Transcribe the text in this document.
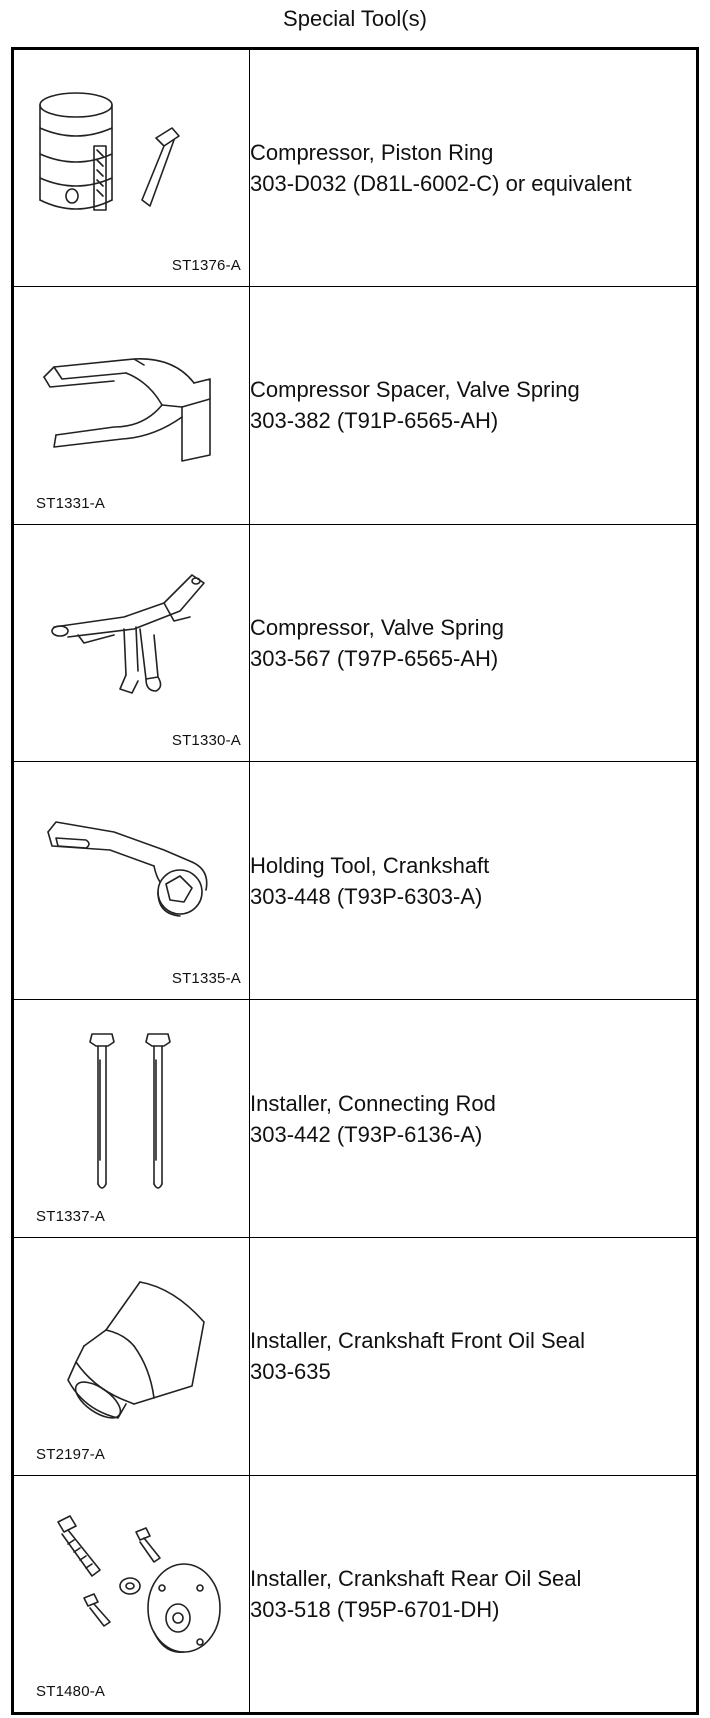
Special Tool(s)
ST1376-A	Compressor, Piston Ring
303-D032 (D81L-6002-C) or equivalent

ST1331-A	Compressor Spacer, Valve Spring
303-382 (T91P-6565-AH)

ST1330-A	Compressor, Valve Spring
303-567 (T97P-6565-AH)

ST1335-A	Holding Tool, Crankshaft
303-448 (T93P-6303-A)

ST1337-A	Installer, Connecting Rod
303-442 (T93P-6136-A)

ST2197-A	Installer, Crankshaft Front Oil Seal
303-635

ST1480-A	Installer, Crankshaft Rear Oil Seal
303-518 (T95P-6701-DH)
